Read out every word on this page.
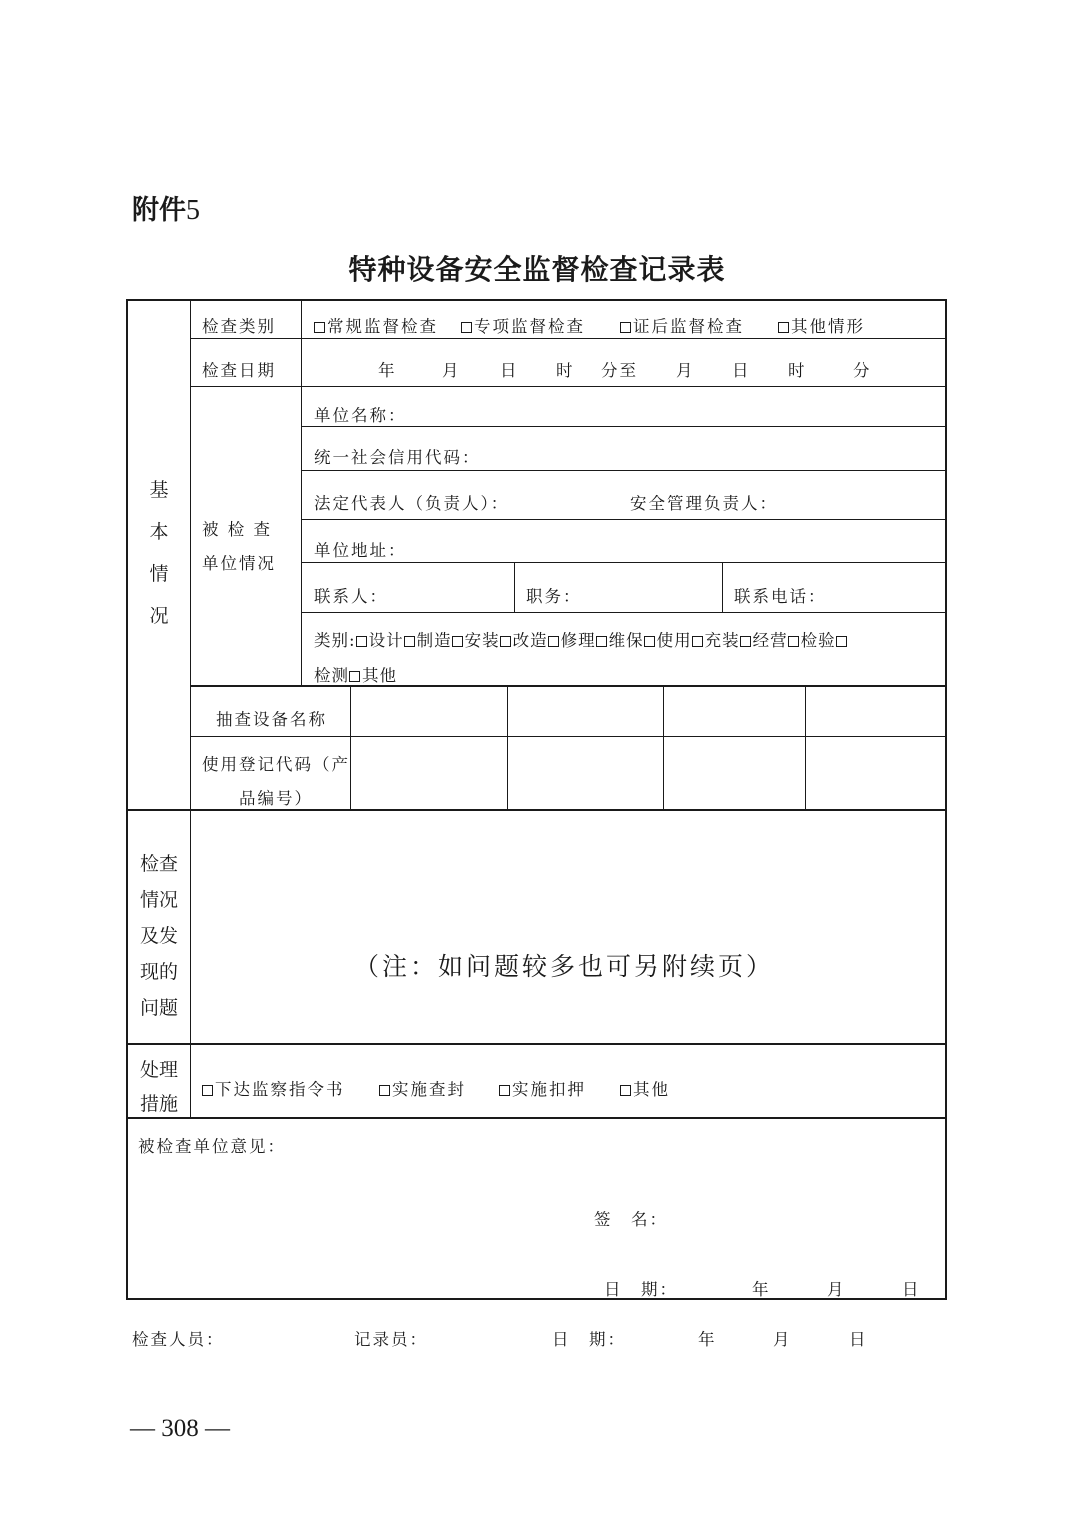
附件5
特种设备安全监督检查记录表
基
本
情
况
检查类别	常规监督检查	专项监督检查	证后监督检查	其他情形
检查日期	年	月 日 时 分至 月 日 时	分
被 检 查
单位情况
单位名称：
统一社会信用代码：
法定代表人（负责人）：	安全管理负责人：
单位地址：
联系人：	职务：	联系电话：
类别: 设计 制造 安装 改造 修理 维保 使用 充装 经营 检验
检测 其他
抽查设备名称
使用登记代码（产
品编号）
检查
情况
及发
现的
问题
（注：如问题较多也可另附续页）
处理
措施
下达监察指令书	实施查封	实施扣押	其他
被检查单位意见：
签　名：
日　期：	年	月	日
检查人员：	记录员：	日　期：	年	月	日
— 308 —
